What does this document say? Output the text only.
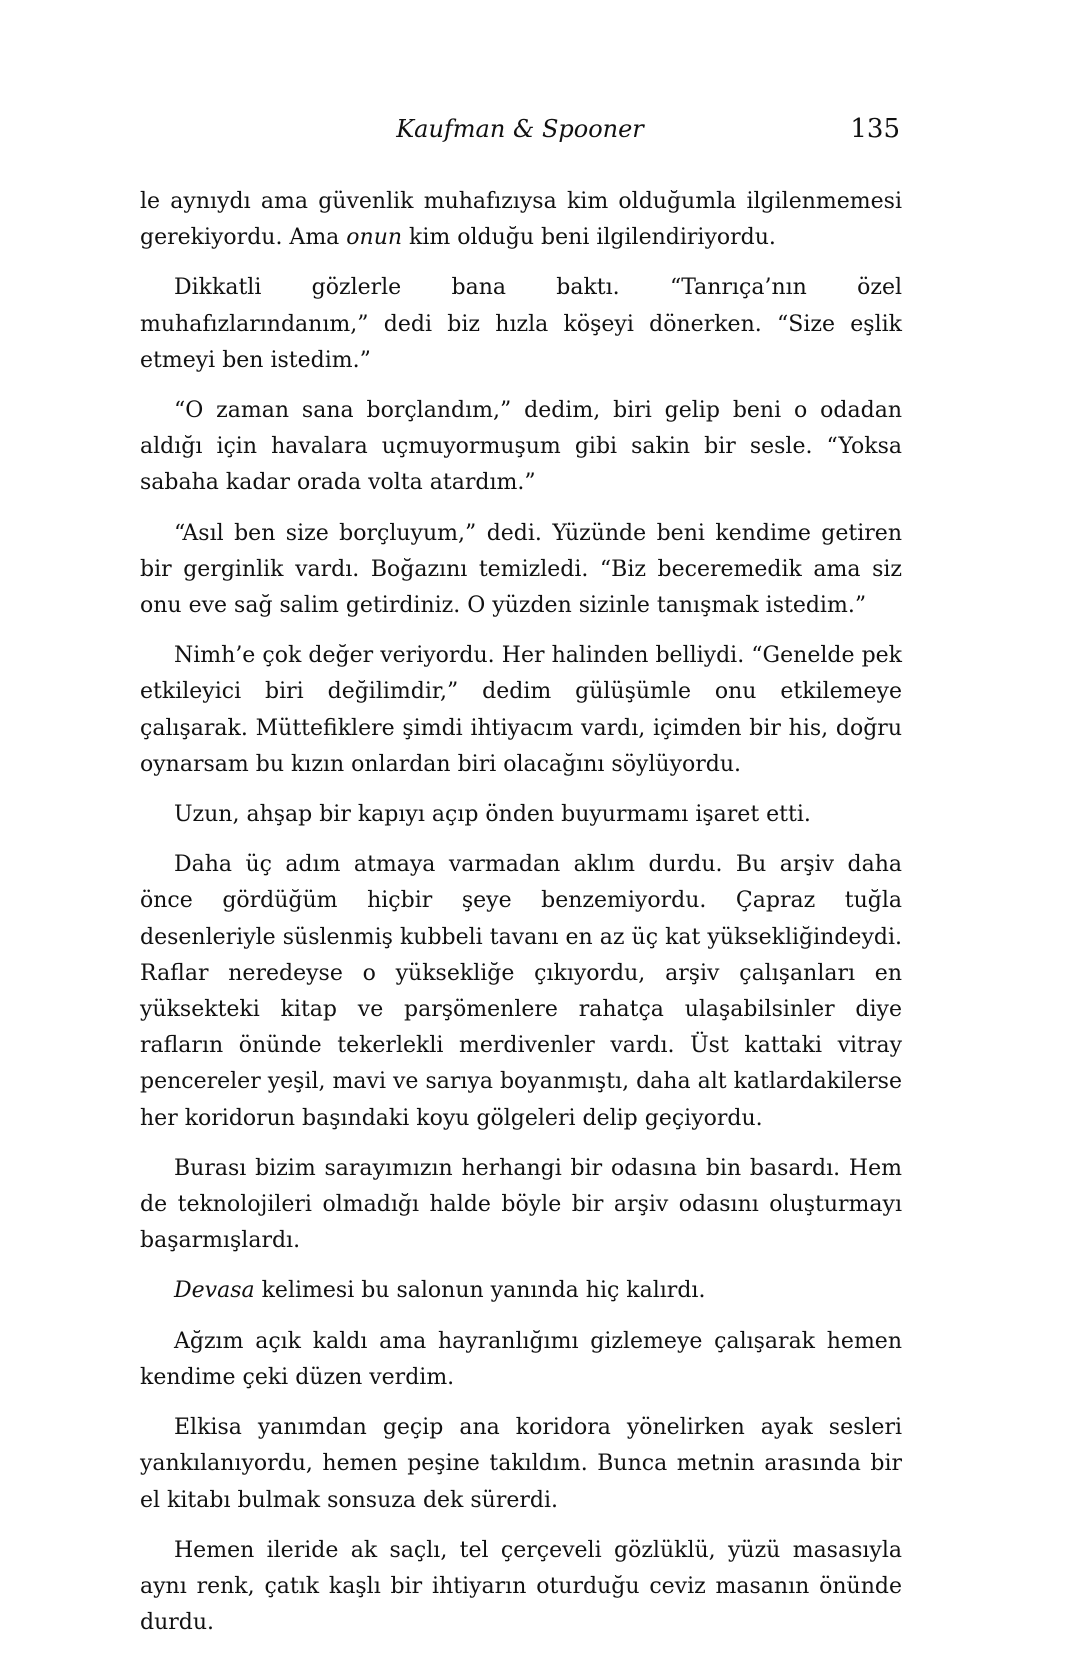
Kaufman & Spooner	135

le aynıydı ama güvenlik muhafızıysa kim olduğumla ilgilenmemesi gerekiyordu. Ama onun kim olduğu beni ilgilendiriyordu.

Dikkatli gözlerle bana baktı. “Tanrıça’nın özel muhafızlarındanım,” dedi biz hızla köşeyi dönerken. “Size eşlik etmeyi ben istedim.”

“O zaman sana borçlandım,” dedim, biri gelip beni o odadan aldığı için havalara uçmuyormuşum gibi sakin bir sesle. “Yoksa sabaha kadar orada volta atardım.”

“Asıl ben size borçluyum,” dedi. Yüzünde beni kendime getiren bir gerginlik vardı. Boğazını temizledi. “Biz beceremedik ama siz onu eve sağ salim getirdiniz. O yüzden sizinle tanışmak istedim.”

Nimh’e çok değer veriyordu. Her halinden belliydi. “Genelde pek etkileyici biri değilimdir,” dedim gülüşümle onu etkilemeye çalışarak. Müttefiklere şimdi ihtiyacım vardı, içimden bir his, doğru oynarsam bu kızın onlardan biri olacağını söylüyordu.

Uzun, ahşap bir kapıyı açıp önden buyurmamı işaret etti.

Daha üç adım atmaya varmadan aklım durdu. Bu arşiv daha önce gördüğüm hiçbir şeye benzemiyordu. Çapraz tuğla desenleriyle süslenmiş kubbeli tavanı en az üç kat yüksekliğindeydi. Raflar neredeyse o yüksekliğe çıkıyordu, arşiv çalışanları en yüksekteki kitap ve parşömenlere rahatça ulaşabilsinler diye rafların önünde tekerlekli merdivenler vardı. Üst kattaki vitray pencereler yeşil, mavi ve sarıya boyanmıştı, daha alt katlardakilerse her koridorun başındaki koyu gölgeleri delip geçiyordu.

Burası bizim sarayımızın herhangi bir odasına bin basardı. Hem de teknolojileri olmadığı halde böyle bir arşiv odasını oluşturmayı başarmışlardı.

Devasa kelimesi bu salonun yanında hiç kalırdı.

Ağzım açık kaldı ama hayranlığımı gizlemeye çalışarak hemen kendime çeki düzen verdim.

Elkisa yanımdan geçip ana koridora yönelirken ayak sesleri yankılanıyordu, hemen peşine takıldım. Bunca metnin arasında bir el kitabı bulmak sonsuza dek sürerdi.

Hemen ileride ak saçlı, tel çerçeveli gözlüklü, yüzü masasıyla aynı renk, çatık kaşlı bir ihtiyarın oturduğu ceviz masanın önünde durdu.
